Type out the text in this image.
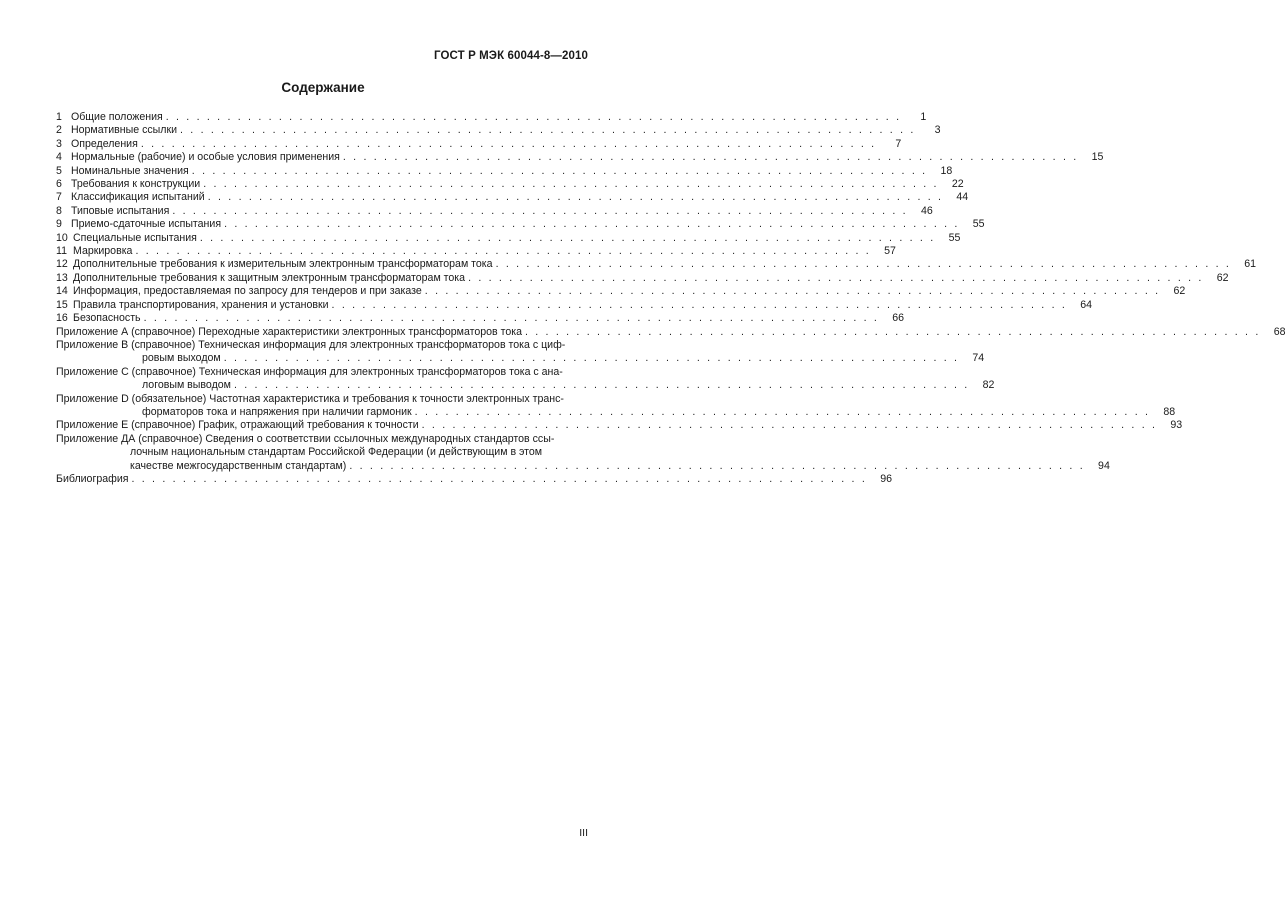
ГОСТ Р МЭК 60044-8—2010
Содержание
1 Общие положения . . . . . . . . . . . . . . . . . . . . . . . . . . . . . . . . . . . . . . . . . . . . . . . . . . . . . . . . . . . . . . . . . . . . . . . .	1
2 Нормативные ссылки . . . . . . . . . . . . . . . . . . . . . . . . . . . . . . . . . . . . . . . . . . . . . . . . . . . . . . . . . . . . . . . . . . . . . . . .	3
3 Определения . . . . . . . . . . . . . . . . . . . . . . . . . . . . . . . . . . . . . . . . . . . . . . . . . . . . . . . . . . . . . . . . . . . . . . . .	7
4 Нормальные (рабочие) и особые условия применения . . . . . . . . . . . . . . . . . . . . . . . . . . . . . . . . . . . . . . . . . . . . . . . . . . . . . . . . . . . . . . . . . . . . . . . .	15
5 Номинальные значения . . . . . . . . . . . . . . . . . . . . . . . . . . . . . . . . . . . . . . . . . . . . . . . . . . . . . . . . . . . . . . . . . . . . . . . .	18
6 Требования к конструкции . . . . . . . . . . . . . . . . . . . . . . . . . . . . . . . . . . . . . . . . . . . . . . . . . . . . . . . . . . . . . . . . . . . . . . . .	22
7 Классификация испытаний . . . . . . . . . . . . . . . . . . . . . . . . . . . . . . . . . . . . . . . . . . . . . . . . . . . . . . . . . . . . . . . . . . . . . . . .	44
8 Типовые испытания . . . . . . . . . . . . . . . . . . . . . . . . . . . . . . . . . . . . . . . . . . . . . . . . . . . . . . . . . . . . . . . . . . . . . . . .	46
9 Приемо-сдаточные испытания . . . . . . . . . . . . . . . . . . . . . . . . . . . . . . . . . . . . . . . . . . . . . . . . . . . . . . . . . . . . . . . . . . . . . . . .	55
10 Специальные испытания . . . . . . . . . . . . . . . . . . . . . . . . . . . . . . . . . . . . . . . . . . . . . . . . . . . . . . . . . . . . . . . . . . . . . . . .	55
11 Маркировка . . . . . . . . . . . . . . . . . . . . . . . . . . . . . . . . . . . . . . . . . . . . . . . . . . . . . . . . . . . . . . . . . . . . . . . .	57
12 Дополнительные требования к измерительным электронным трансформаторам тока . . . . . . . . . . . . . . . . . . . . . . . . . . . . . . . . . . . . . . . . . . . . . . . . . . . . . . . . . . . . . . . . . . . . . . . .	61
13 Дополнительные требования к защитным электронным трансформаторам тока . . . . . . . . . . . . . . . . . . . . . . . . . . . . . . . . . . . . . . . . . . . . . . . . . . . . . . . . . . . . . . . . . . . . . . . .	62
14 Информация, предоставляемая по запросу для тендеров и при заказе . . . . . . . . . . . . . . . . . . . . . . . . . . . . . . . . . . . . . . . . . . . . . . . . . . . . . . . . . . . . . . . . . . . . . . . .	62
15 Правила транспортирования, хранения и установки . . . . . . . . . . . . . . . . . . . . . . . . . . . . . . . . . . . . . . . . . . . . . . . . . . . . . . . . . . . . . . . . . . . . . . . .	64
16 Безопасность . . . . . . . . . . . . . . . . . . . . . . . . . . . . . . . . . . . . . . . . . . . . . . . . . . . . . . . . . . . . . . . . . . . . . . . .	66
Приложение А (справочное) Переходные характеристики электронных трансформаторов тока . . . . . . . . . . . . . . . . . . . . . . . . . . . . . . . . . . . . . . . . . . . . . . . . . . . . . . . . . . . . . . . . . . . . . . . .	68
Приложение В (справочное) Техническая информация для электронных трансформаторов тока с циф-
ровым выходом . . . . . . . . . . . . . . . . . . . . . . . . . . . . . . . . . . . . . . . . . . . . . . . . . . . . . . . . . . . . . . . . . . . . . . . .	74
Приложение С (справочное) Техническая информация для электронных трансформаторов тока с ана-
логовым выводом . . . . . . . . . . . . . . . . . . . . . . . . . . . . . . . . . . . . . . . . . . . . . . . . . . . . . . . . . . . . . . . . . . . . . . . .	82
Приложение D (обязательное) Частотная характеристика и требования к точности электронных транс-
форматоров тока и напряжения при наличии гармоник . . . . . . . . . . . . . . . . . . . . . . . . . . . . . . . . . . . . . . . . . . . . . . . . . . . . . . . . . . . . . . . . . . . . . . . .	88
Приложение Е (справочное) График, отражающий требования к точности . . . . . . . . . . . . . . . . . . . . . . . . . . . . . . . . . . . . . . . . . . . . . . . . . . . . . . . . . . . . . . . . . . . . . . . .	93
Приложение ДА (справочное) Сведения о соответствии ссылочных международных стандартов ссы-
лочным национальным стандартам Российской Федерации (и действующим в этом
качестве межгосударственным стандартам) . . . . . . . . . . . . . . . . . . . . . . . . . . . . . . . . . . . . . . . . . . . . . . . . . . . . . . . . . . . . . . . . . . . . . . . .	94
Библиография . . . . . . . . . . . . . . . . . . . . . . . . . . . . . . . . . . . . . . . . . . . . . . . . . . . . . . . . . . . . . . . . . . . . . . . .	96
III
